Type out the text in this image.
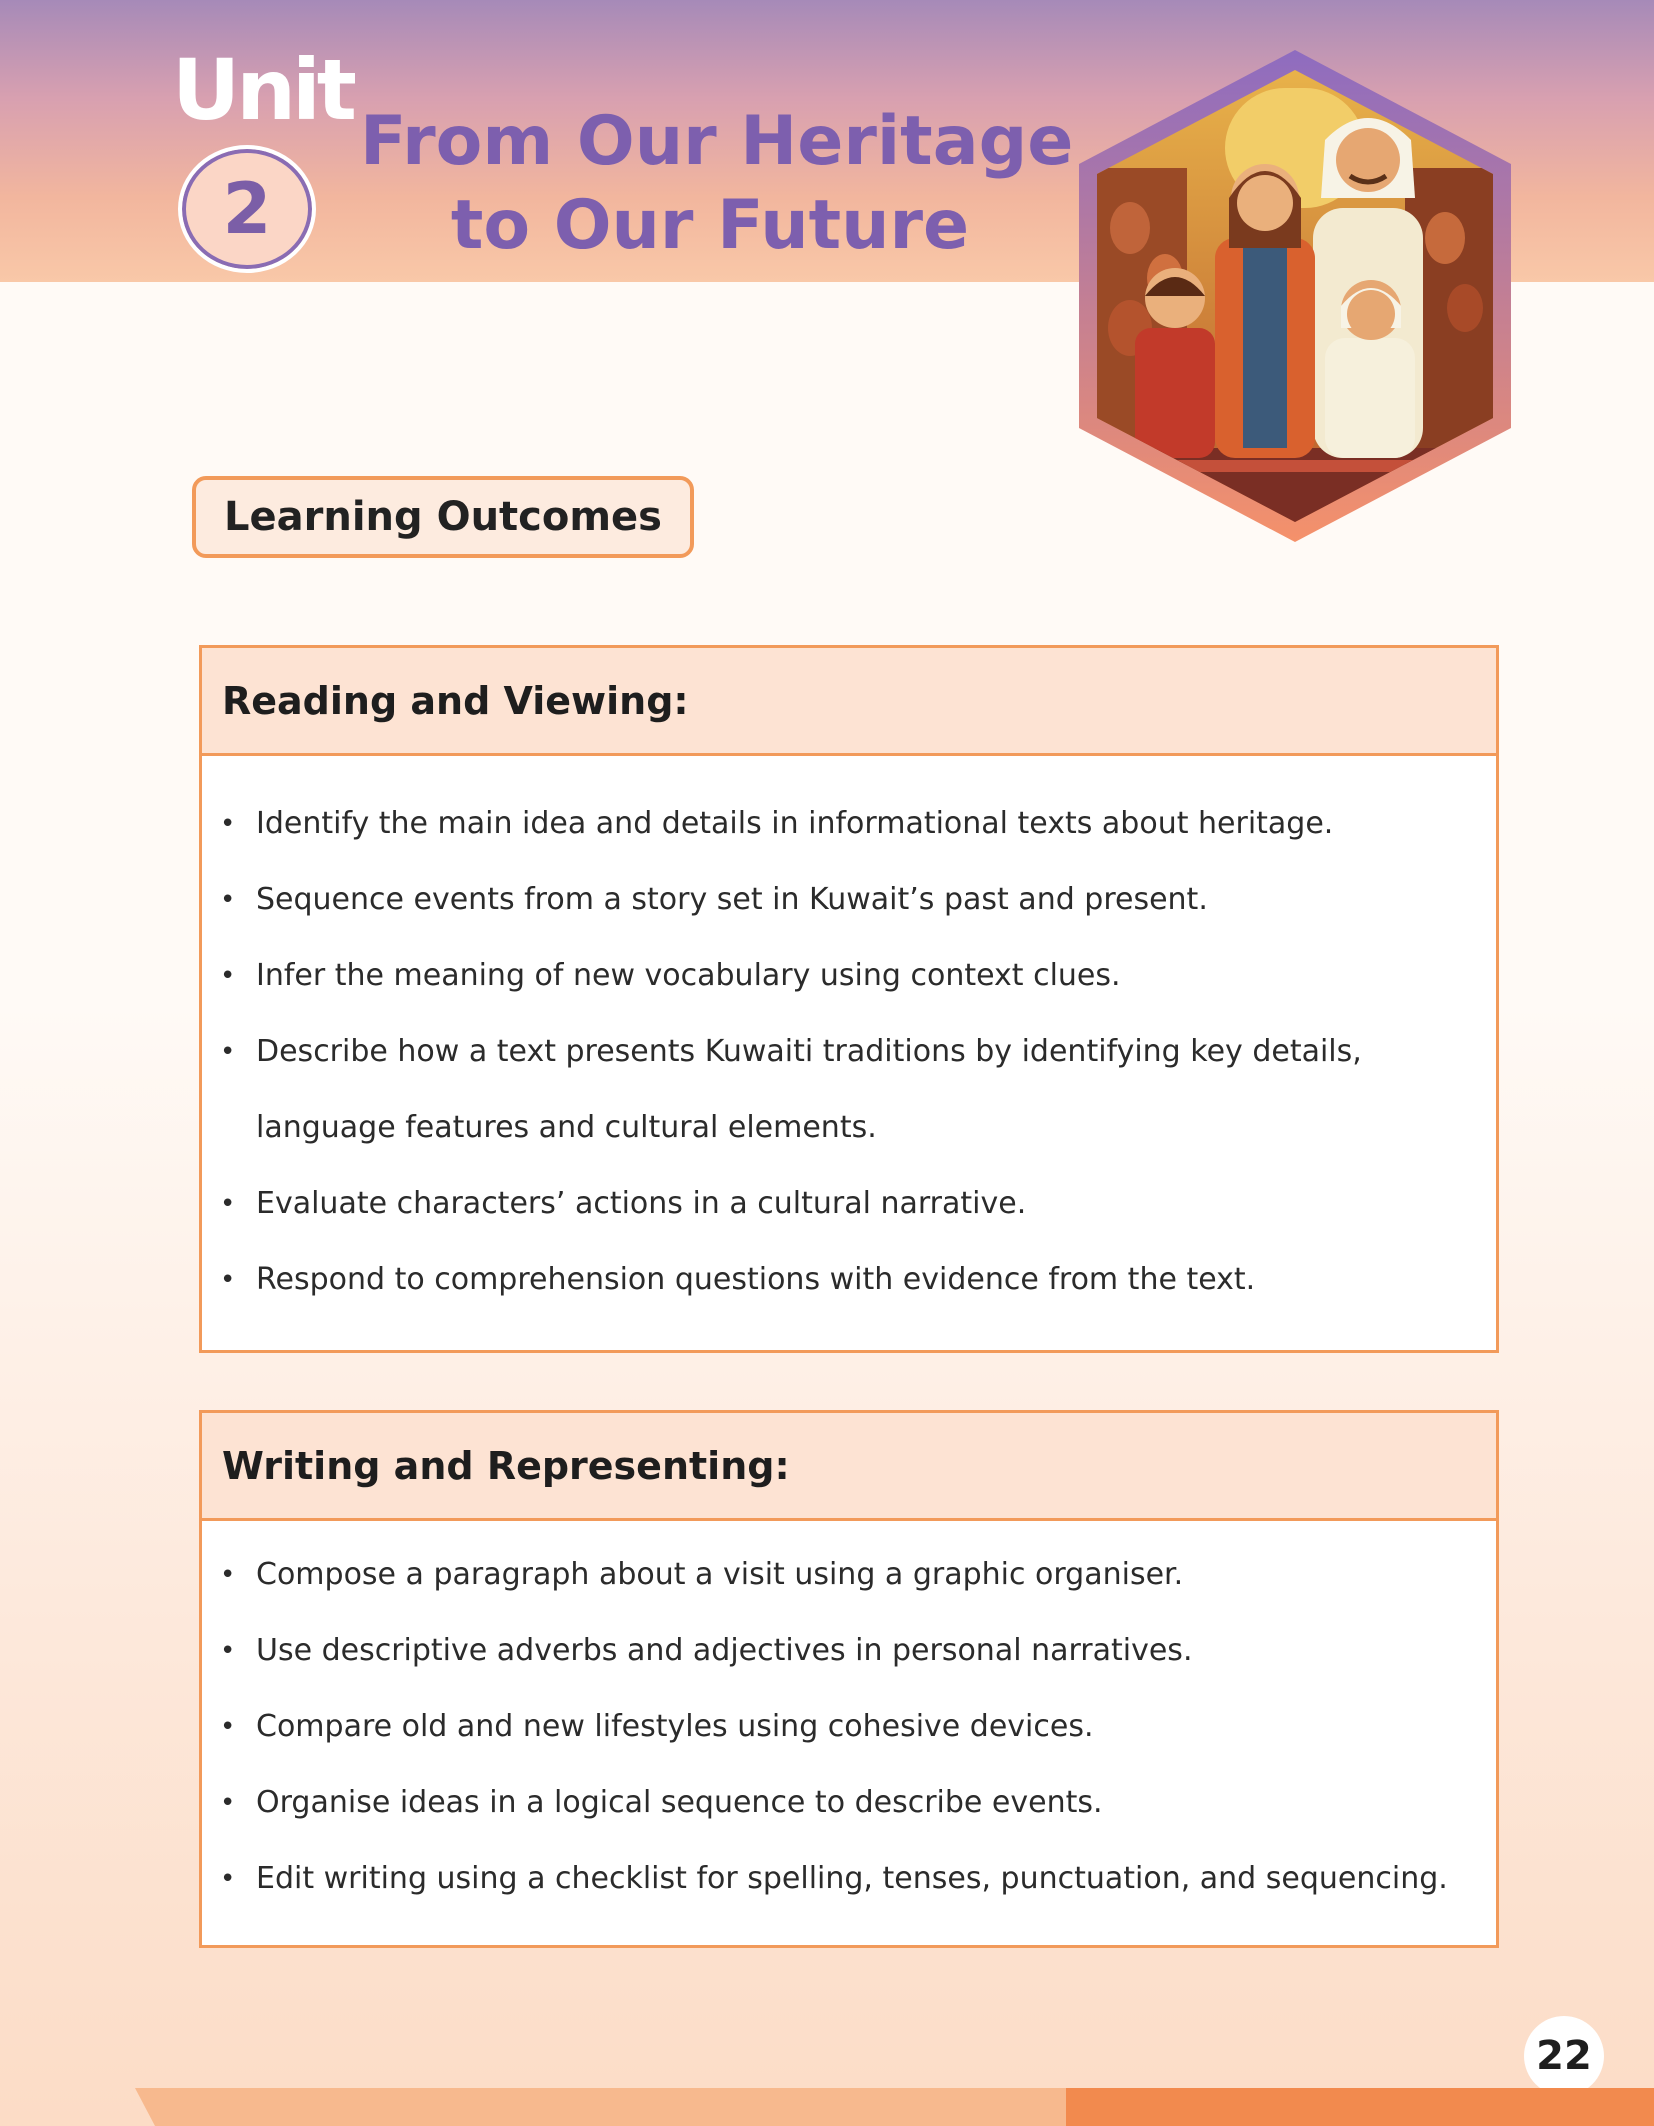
Unit
2
From Our Heritage
to Our Future
Learning Outcomes
Reading and Viewing:
• Identify the main idea and details in informational texts about heritage.
• Sequence events from a story set in Kuwait’s past and present.
• Infer the meaning of new vocabulary using context clues.
• Describe how a text presents Kuwaiti traditions by identifying key details,
language features and cultural elements.
• Evaluate characters’ actions in a cultural narrative.
• Respond to comprehension questions with evidence from the text.
Writing and Representing:
• Compose a paragraph about a visit using a graphic organiser.
• Use descriptive adverbs and adjectives in personal narratives.
• Compare old and new lifestyles using cohesive devices.
• Organise ideas in a logical sequence to describe events.
• Edit writing using a checklist for spelling, tenses, punctuation, and sequencing.
22
